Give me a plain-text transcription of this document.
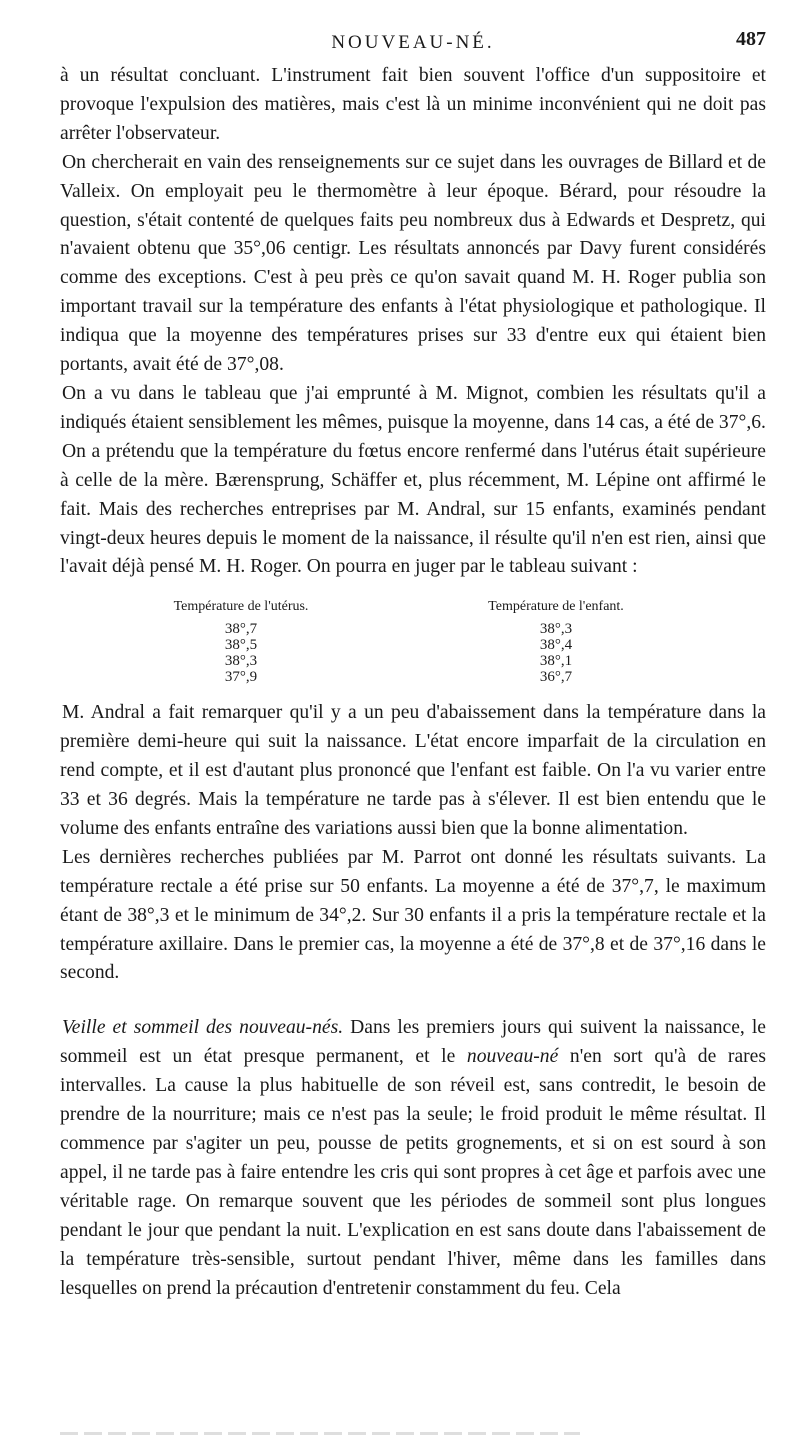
NOUVEAU-NÉ.	487

à un résultat concluant. L'instrument fait bien souvent l'office d'un suppositoire et provoque l'expulsion des matières, mais c'est là un minime inconvénient qui ne doit pas arrêter l'observateur.

On chercherait en vain des renseignements sur ce sujet dans les ouvrages de Billard et de Valleix. On employait peu le thermomètre à leur époque. Bérard, pour résoudre la question, s'était contenté de quelques faits peu nombreux dus à Edwards et Despretz, qui n'avaient obtenu que 35°,06 centigr. Les résultats annoncés par Davy furent considérés comme des exceptions. C'est à peu près ce qu'on savait quand M. H. Roger publia son important travail sur la température des enfants à l'état physiologique et pathologique. Il indiqua que la moyenne des températures prises sur 33 d'entre eux qui étaient bien portants, avait été de 37°,08.

On a vu dans le tableau que j'ai emprunté à M. Mignot, combien les résultats qu'il a indiqués étaient sensiblement les mêmes, puisque la moyenne, dans 14 cas, a été de 37°,6.

On a prétendu que la température du fœtus encore renfermé dans l'utérus était supérieure à celle de la mère. Bærensprung, Schäffer et, plus récemment, M. Lépine ont affirmé le fait. Mais des recherches entreprises par M. Andral, sur 15 enfants, examinés pendant vingt-deux heures depuis le moment de la naissance, il résulte qu'il n'en est rien, ainsi que l'avait déjà pensé M. H. Roger. On pourra en juger par le tableau suivant :

Température de l'utérus.
38°,7
38°,5
38°,3
37°,9
Température de l'enfant.
38°,3
38°,4
38°,1
36°,7

M. Andral a fait remarquer qu'il y a un peu d'abaissement dans la température dans la première demi-heure qui suit la naissance. L'état encore imparfait de la circulation en rend compte, et il est d'autant plus prononcé que l'enfant est faible. On l'a vu varier entre 33 et 36 degrés. Mais la température ne tarde pas à s'élever. Il est bien entendu que le volume des enfants entraîne des variations aussi bien que la bonne alimentation.

Les dernières recherches publiées par M. Parrot ont donné les résultats suivants. La température rectale a été prise sur 50 enfants. La moyenne a été de 37°,7, le maximum étant de 38°,3 et le minimum de 34°,2. Sur 30 enfants il a pris la température rectale et la température axillaire. Dans le premier cas, la moyenne a été de 37°,8 et de 37°,16 dans le second.

Veille et sommeil des nouveau-nés. Dans les premiers jours qui suivent la naissance, le sommeil est un état presque permanent, et le nouveau-né n'en sort qu'à de rares intervalles. La cause la plus habituelle de son réveil est, sans contredit, le besoin de prendre de la nourriture; mais ce n'est pas la seule; le froid produit le même résultat. Il commence par s'agiter un peu, pousse de petits grognements, et si on est sourd à son appel, il ne tarde pas à faire entendre les cris qui sont propres à cet âge et parfois avec une véritable rage. On remarque souvent que les périodes de sommeil sont plus longues pendant le jour que pendant la nuit. L'explication en est sans doute dans l'abaissement de la température très-sensible, surtout pendant l'hiver, même dans les familles dans lesquelles on prend la précaution d'entretenir constamment du feu. Cela
